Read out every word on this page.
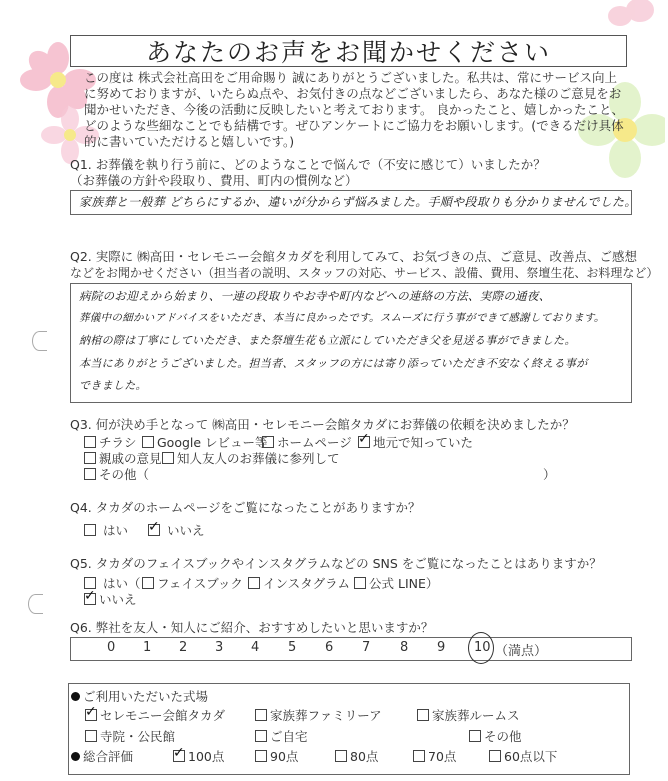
あなたのお声をお聞かせください
この度は 株式会社高田をご用命賜り 誠にありがとうございました。私共は、常にサービス向上に努めておりますが、いたらぬ点や、お気付きの点などございましたら、あなた様のご意見をお聞かせいただき、今後の活動に反映したいと考えております。 良かったこと、嬉しかったこと、どのような些細なことでも結構です。ぜひアンケートにご協力をお願いします。(できるだけ具体的に書いていただけると嬉しいです。)
Q1. お葬儀を執り行う前に、どのようなことで悩んで（不安に感じて）いましたか？
（お葬儀の方針や段取り、費用、町内の慣例など）
家族葬と一般葬 どちらにするか、違いが分からず悩みました。手順や段取りも分かりませんでした。
Q2. 実際に ㈱高田・セレモニー会館タカダを利用してみて、お気づきの点、ご意見、改善点、ご感想
などをお聞かせください（担当者の説明、スタッフの対応、サービス、設備、費用、祭壇生花、お料理など）
病院のお迎えから始まり、一連の段取りやお寺や町内などへの連絡の方法、実際の通夜、
葬儀中の細かいアドバイスをいただき、本当に良かったです。スムーズに行う事ができて感謝しております。
納棺の際は丁寧にしていただき、また祭壇生花も立派にしていただき父を見送る事ができました。
本当にありがとうございました。担当者、スタッフの方には寄り添っていただき不安なく終える事が
できました。
Q3. 何が決め手となって ㈱高田・セレモニー会館タカダにお葬儀の依頼を決めましたか？
チラシ	Google レビュー等 ホームページ ✓	地元で知っていた
親戚の意見	知人友人のお葬儀に参列して
その他（	）
Q4. タカダのホームページをご覧になったことがありますか？
はい ✓	いいえ
Q5. タカダのフェイスブックやインスタグラムなどの SNS をご覧になったことはありますか？
はい（	フェイスブック	インスタグラム	公式 LINE）
✓いいえ
Q6. 弊社を友人・知人にご紹介、おすすめしたいと思いますか？
0 1 2 3 4 5 6 7 8 9 10 （満点）
ご利用いただいた式場
✓セレモニー会館タカダ	家族葬ファミリーア	家族葬ルームス
寺院・公民館	ご自宅	その他
総合評価 ✓	100点	90点	80点	70点	60点以下
